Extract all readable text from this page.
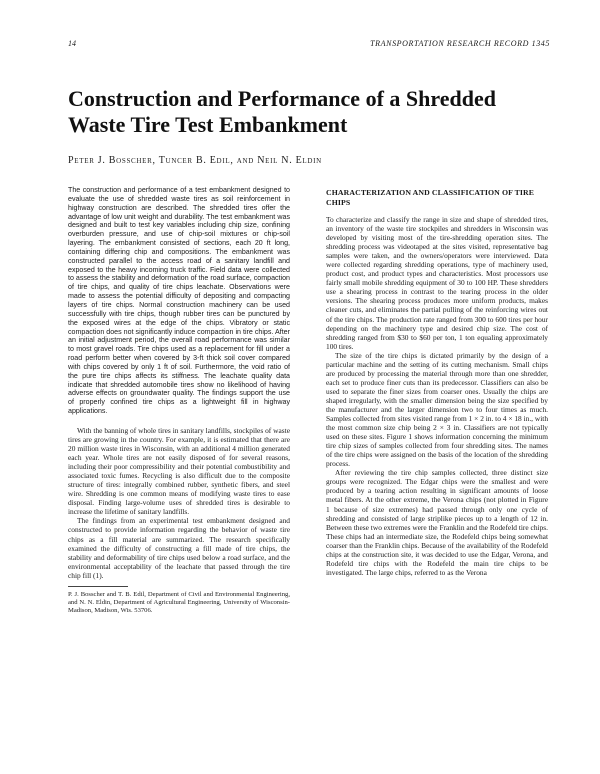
14	TRANSPORTATION RESEARCH RECORD 1345
Construction and Performance of a Shredded Waste Tire Test Embankment
Peter J. Bosscher, Tuncer B. Edil, and Neil N. Eldin

The construction and performance of a test embankment designed to evaluate the use of shredded waste tires as soil reinforcement in highway construction are described. The shredded tires offer the advantage of low unit weight and durability. The test embankment was designed and built to test key variables including chip size, confining overburden pressure, and use of chip-soil mixtures or chip-soil layering. The embankment consisted of sections, each 20 ft long, containing differing chip and compositions. The embankment was constructed parallel to the access road of a sanitary landfill and exposed to the heavy incoming truck traffic. Field data were collected to assess the stability and deformation of the road surface, compaction of tire chips, and quality of tire chips leachate. Observations were made to assess the potential difficulty of depositing and compacting layers of tire chips. Normal construction machinery can be used successfully with tire chips, though rubber tires can be punctured by the exposed wires at the edge of the chips. Vibratory or static compaction does not significantly induce compaction in tire chips. After an initial adjustment period, the overall road performance was similar to most gravel roads. Tire chips used as a replacement for fill under a road perform better when covered by 3-ft thick soil cover compared with chips covered by only 1 ft of soil. Furthermore, the void ratio of the pure tire chips affects its stiffness. The leachate quality data indicate that shredded automobile tires show no likelihood of having adverse effects on groundwater quality. The findings support the use of properly confined tire chips as a lightweight fill in highway applications.

With the banning of whole tires in sanitary landfills, stockpiles of waste tires are growing in the country. For example, it is estimated that there are 20 million waste tires in Wisconsin, with an additional 4 million generated each year. Whole tires are not easily disposed of for several reasons, including their poor compressibility and their potential combustibility and associated toxic fumes. Recycling is also difficult due to the composite structure of tires: integrally combined rubber, synthetic fibers, and steel wire. Shredding is one common means of modifying waste tires to ease disposal. Finding large-volume uses of shredded tires is desirable to increase the lifetime of sanitary landfills.

The findings from an experimental test embankment designed and constructed to provide information regarding the behavior of waste tire chips as a fill material are summarized. The research specifically examined the difficulty of constructing a fill made of tire chips, the stability and deformability of tire chips used below a road surface, and the environmental acceptability of the leachate that passed through the tire chip fill (1).

P. J. Bosscher and T. B. Edil, Department of Civil and Environmental Engineering, and N. N. Eldin, Department of Agricultural Engineering, University of Wisconsin-Madison, Madison, Wis. 53706.

CHARACTERIZATION AND CLASSIFICATION OF TIRE CHIPS

To characterize and classify the range in size and shape of shredded tires, an inventory of the waste tire stockpiles and shredders in Wisconsin was developed by visiting most of the tire-shredding operation sites. The shredding process was videotaped at the sites visited, representative bag samples were taken, and the owners/operators were interviewed. Data were collected regarding shredding operations, type of machinery used, product cost, and product types and characteristics. Most processors use fairly small mobile shredding equipment of 30 to 100 HP. These shredders use a shearing process in contrast to the tearing process in the older versions. The shearing process produces more uniform products, makes cleaner cuts, and eliminates the partial pulling of the reinforcing wires out of the tire chips. The production rate ranged from 300 to 600 tires per hour depending on the machinery type and desired chip size. The cost of shredding ranged from $30 to $60 per ton, 1 ton equaling approximately 100 tires.

The size of the tire chips is dictated primarily by the design of a particular machine and the setting of its cutting mechanism. Small chips are produced by processing the material through more than one shredder, each set to produce finer cuts than its predecessor. Classifiers can also be used to separate the finer sizes from coarser ones. Usually the chips are shaped irregularly, with the smaller dimension being the size specified by the manufacturer and the larger dimension two to four times as much. Samples collected from sites visited range from 1 × 2 in. to 4 × 18 in., with the most common size chip being 2 × 3 in. Classifiers are not typically used on these sites. Figure 1 shows information concerning the minimum tire chip sizes of samples collected from four shredding sites. The names of the tire chips were assigned on the basis of the location of the shredding process.

After reviewing the tire chip samples collected, three distinct size groups were recognized. The Edgar chips were the smallest and were produced by a tearing action resulting in significant amounts of loose metal fibers. At the other extreme, the Verona chips (not plotted in Figure 1 because of size extremes) had passed through only one cycle of shredding and consisted of large striplike pieces up to a length of 12 in. Between these two extremes were the Franklin and the Rodefeld tire chips. These chips had an intermediate size, the Rodefeld chips being somewhat coarser than the Franklin chips. Because of the availability of the Rodefeld chips at the construction site, it was decided to use the Edgar, Verona, and Rodefeld tire chips with the Rodefeld the main tire chips to be investigated. The large chips, referred to as the Verona
